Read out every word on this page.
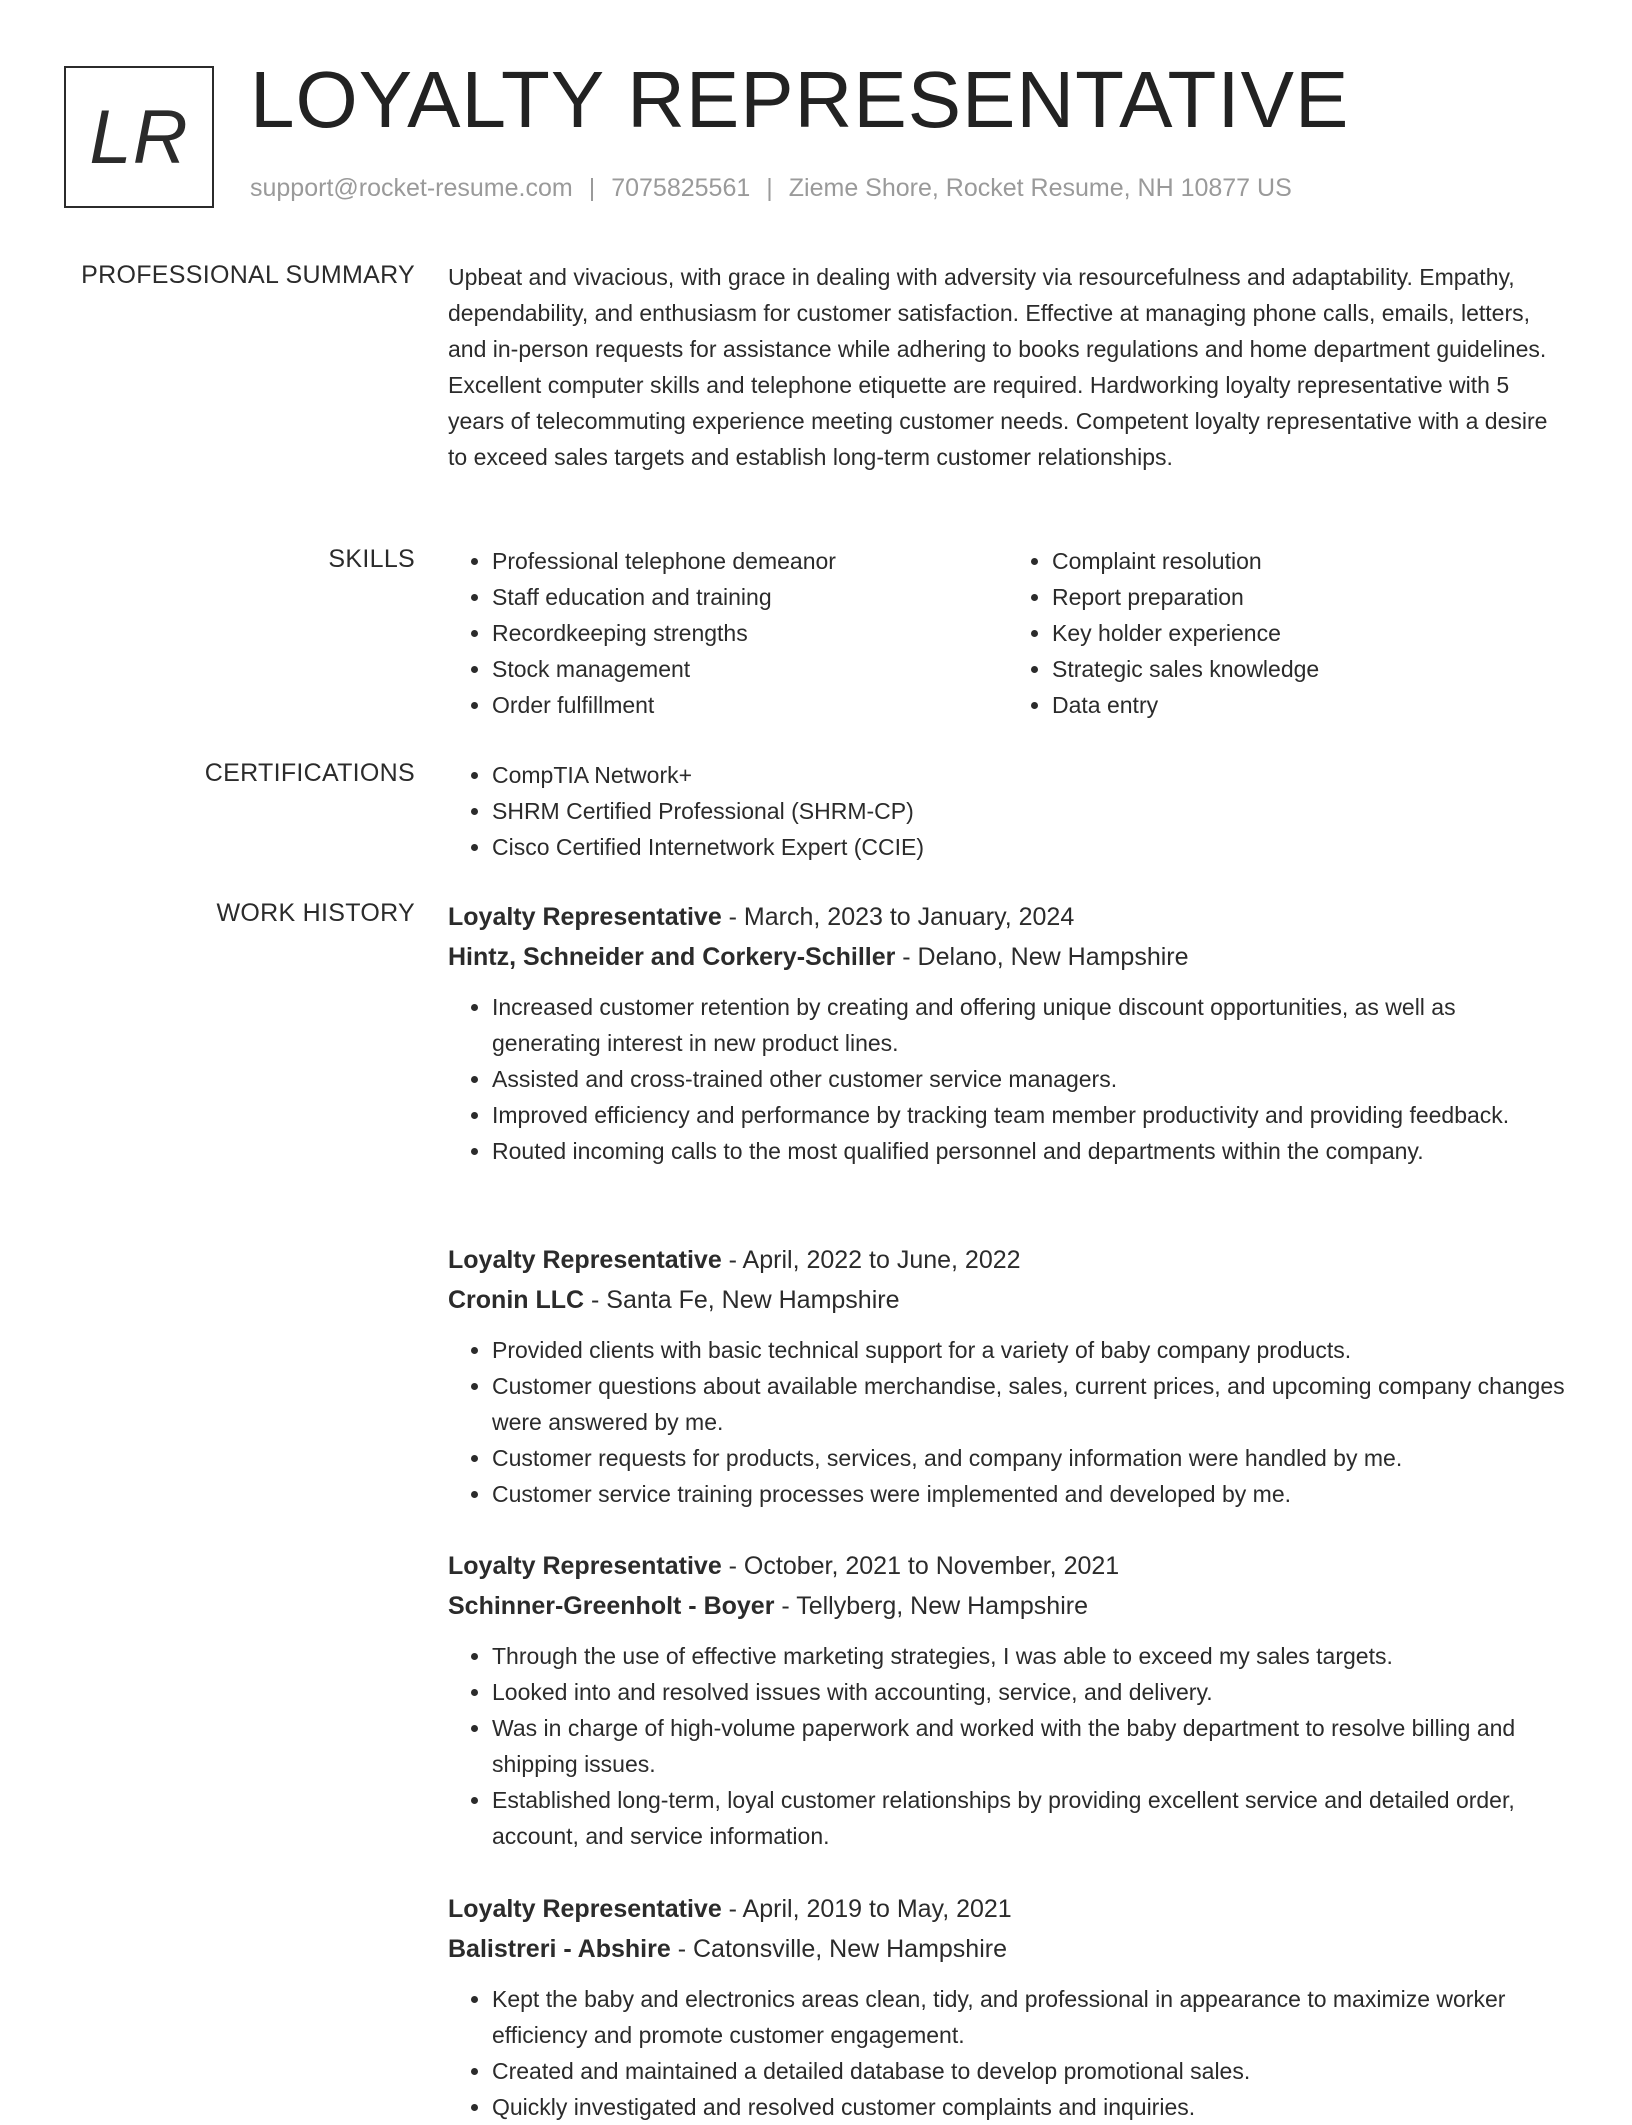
LR LOYALTY REPRESENTATIVE
support@rocket-resume.com | 7075825561 | Zieme Shore, Rocket Resume, NH 10877 US
PROFESSIONAL SUMMARY Upbeat and vivacious, with grace in dealing with adversity via resourcefulness and adaptability. Empathy, dependability, and enthusiasm for customer satisfaction. Effective at managing phone calls, emails, letters, and in-person requests for assistance while adhering to books regulations and home department guidelines. Excellent computer skills and telephone etiquette are required. Hardworking loyalty representative with 5 years of telecommuting experience meeting customer needs. Competent loyalty representative with a desire to exceed sales targets and establish long-term customer relationships.

SKILLS	• Professional telephone demeanor
• Staff education and training
• Recordkeeping strengths
• Stock management
• Order fulfillment
• Complaint resolution
• Report preparation
• Key holder experience
• Strategic sales knowledge
• Data entry
CERTIFICATIONS	• CompTIA Network+
• SHRM Certified Professional (SHRM-CP)
• Cisco Certified Internetwork Expert (CCIE)
WORK HISTORY Loyalty Representative - March, 2023 to January, 2024
Hintz, Schneider and Corkery-Schiller - Delano, New Hampshire
• Increased customer retention by creating and offering unique discount opportunities, as well as generating interest in new product lines.
• Assisted and cross-trained other customer service managers.
• Improved efficiency and performance by tracking team member productivity and providing feedback.
• Routed incoming calls to the most qualified personnel and departments within the company.
Loyalty Representative - April, 2022 to June, 2022
Cronin LLC - Santa Fe, New Hampshire
• Provided clients with basic technical support for a variety of baby company products.
• Customer questions about available merchandise, sales, current prices, and upcoming company changes were answered by me.
• Customer requests for products, services, and company information were handled by me.
• Customer service training processes were implemented and developed by me.
Loyalty Representative - October, 2021 to November, 2021
Schinner-Greenholt - Boyer - Tellyberg, New Hampshire
• Through the use of effective marketing strategies, I was able to exceed my sales targets.
• Looked into and resolved issues with accounting, service, and delivery.
• Was in charge of high-volume paperwork and worked with the baby department to resolve billing and shipping issues.
• Established long-term, loyal customer relationships by providing excellent service and detailed order, account, and service information.
Loyalty Representative - April, 2019 to May, 2021
Balistreri - Abshire - Catonsville, New Hampshire
• Kept the baby and electronics areas clean, tidy, and professional in appearance to maximize worker efficiency and promote customer engagement.
• Created and maintained a detailed database to develop promotional sales.
• Quickly investigated and resolved customer complaints and inquiries.
